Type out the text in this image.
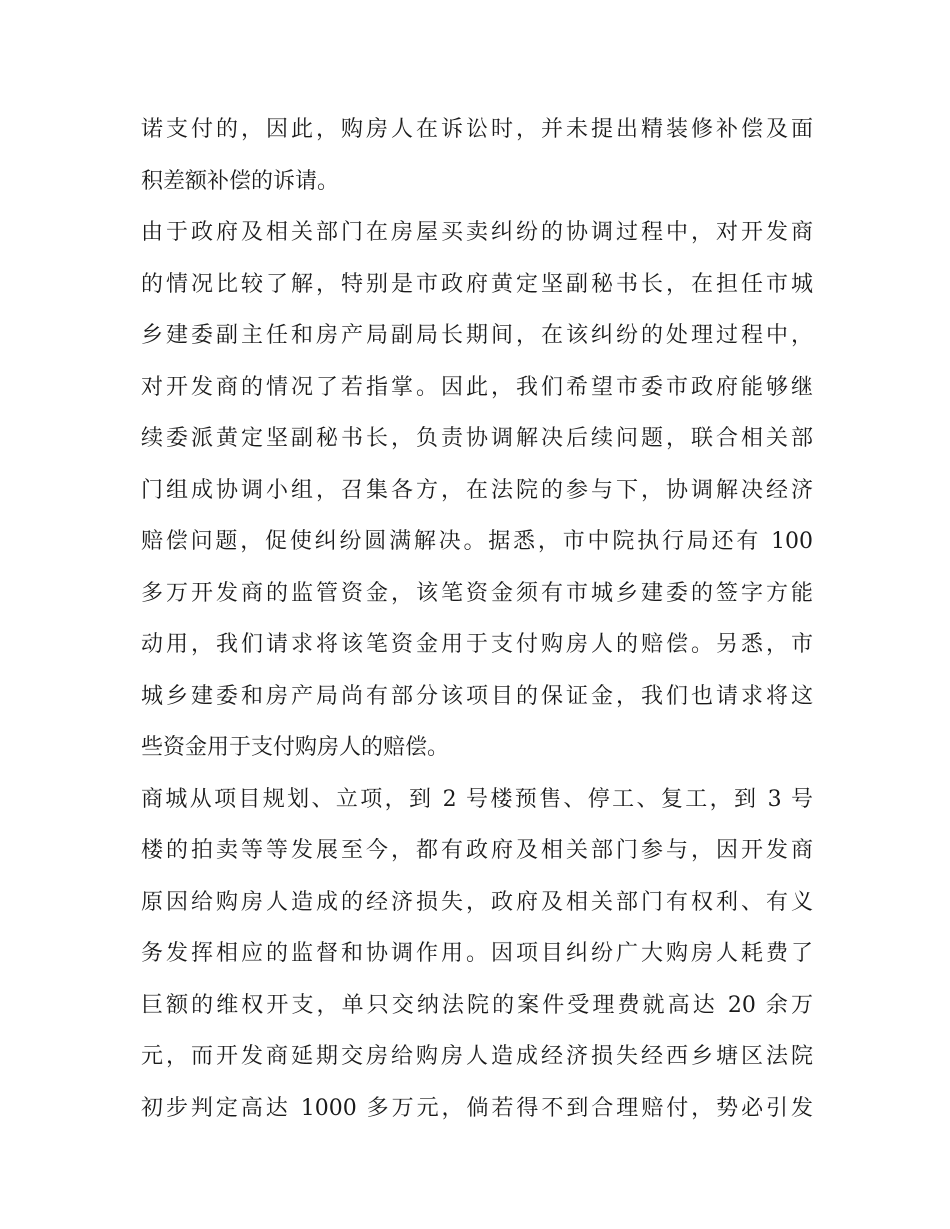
诺支付的，因此，购房人在诉讼时，并未提出精装修补偿及面
积差额补偿的诉请。
由于政府及相关部门在房屋买卖纠纷的协调过程中，对开发商
的情况比较了解，特别是市政府黄定坚副秘书长，在担任市城
乡建委副主任和房产局副局长期间，在该纠纷的处理过程中，
对开发商的情况了若指掌。因此，我们希望市委市政府能够继
续委派黄定坚副秘书长，负责协调解决后续问题，联合相关部
门组成协调小组，召集各方，在法院的参与下，协调解决经济
赔偿问题，促使纠纷圆满解决。据悉，市中院执行局还有 100
多万开发商的监管资金，该笔资金须有市城乡建委的签字方能
动用，我们请求将该笔资金用于支付购房人的赔偿。另悉，市
城乡建委和房产局尚有部分该项目的保证金，我们也请求将这
些资金用于支付购房人的赔偿。
商城从项目规划、立项，到 2 号楼预售、停工、复工，到 3 号
楼的拍卖等等发展至今，都有政府及相关部门参与，因开发商
原因给购房人造成的经济损失，政府及相关部门有权利、有义
务发挥相应的监督和协调作用。因项目纠纷广大购房人耗费了
巨额的维权开支，单只交纳法院的案件受理费就高达 20 余万
元，而开发商延期交房给购房人造成经济损失经西乡塘区法院
初步判定高达 1000 多万元，倘若得不到合理赔付，势必引发
